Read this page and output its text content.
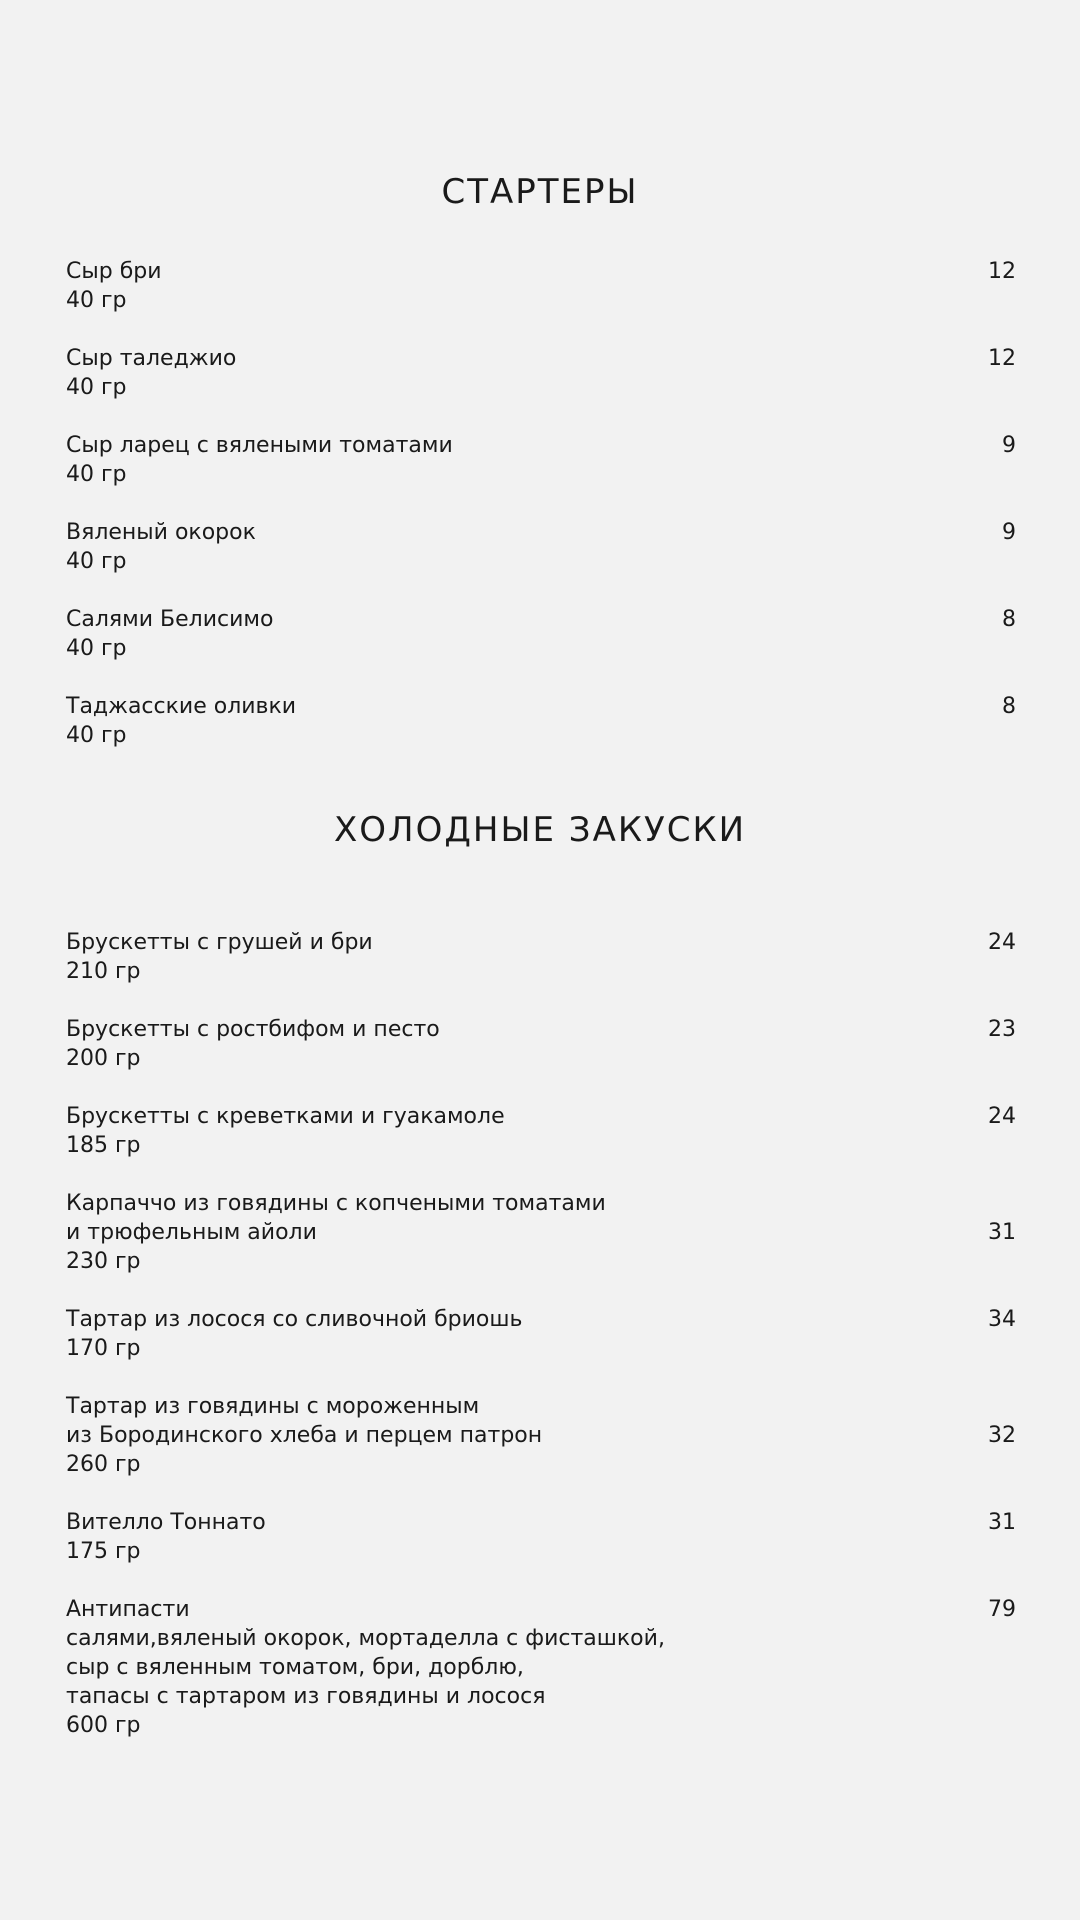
СТАРТЕРЫ
Сыр бри
40 гр
12
Сыр таледжио
40 гр
12
Сыр ларец с вялеными томатами
40 гр
9
Вяленый окорок
40 гр
9
Салями Белисимо
40 гр
8
Таджасские оливки
40 гр
8
ХОЛОДНЫЕ ЗАКУСКИ
Брускетты с грушей и бри
210 гр
24
Брускетты с ростбифом и песто
200 гр
23
Брускетты с креветками и гуакамоле
185 гр
24
Карпаччо из говядины с копчеными томатами
и трюфельным айоли
230 гр
31
Тартар из лосося со сливочной бриошь
170 гр
34
Тартар из говядины с мороженным
из Бородинского хлеба и перцем патрон
260 гр
32
Вителло Тоннато
175 гр
31
Антипасти
салями,вяленый окорок, мортаделла с фисташкой,
сыр с вяленным томатом, бри, дорблю,
тапасы с тартаром из говядины и лосося
600 гр
79
